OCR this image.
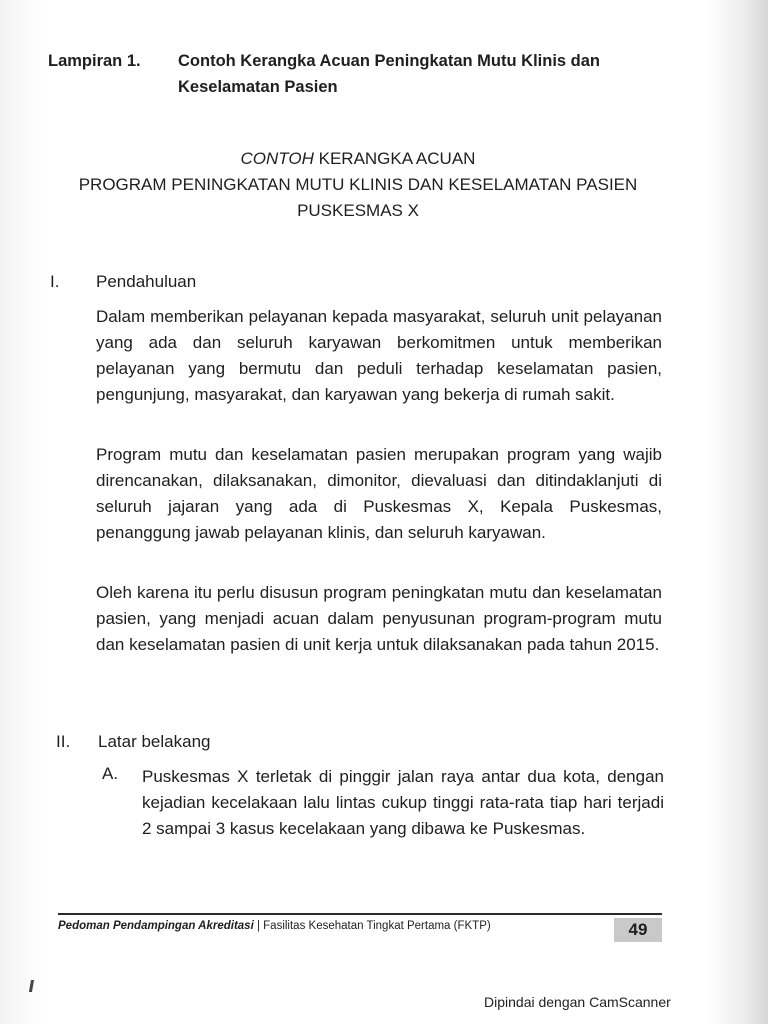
Lampiran 1. Contoh Kerangka Acuan Peningkatan Mutu Klinis dan
Keselamatan Pasien
CONTOH KERANGKA ACUAN
PROGRAM PENINGKATAN MUTU KLINIS DAN KESELAMATAN PASIEN
PUSKESMAS X
I. Pendahuluan

Dalam memberikan pelayanan kepada masyarakat, seluruh unit pelayanan yang ada dan seluruh karyawan berkomitmen untuk memberikan pelayanan yang bermutu dan peduli terhadap keselamatan pasien, pengunjung, masyarakat, dan karyawan yang bekerja di rumah sakit.

Program mutu dan keselamatan pasien merupakan program yang wajib direncanakan, dilaksanakan, dimonitor, dievaluasi dan ditindaklanjuti di seluruh jajaran yang ada di Puskesmas X, Kepala Puskesmas, penanggung jawab pelayanan klinis, dan seluruh karyawan.

Oleh karena itu perlu disusun program peningkatan mutu dan keselamatan pasien, yang menjadi acuan dalam penyusunan program-program mutu dan keselamatan pasien di unit kerja untuk dilaksanakan pada tahun 2015.

II. Latar belakang
A. Puskesmas X terletak di pinggir jalan raya antar dua kota, dengan kejadian kecelakaan lalu lintas cukup tinggi rata-rata tiap hari terjadi 2 sampai 3 kasus kecelakaan yang dibawa ke Puskesmas.

Pedoman Pendampingan Akreditasi | Fasilitas Kesehatan Tingkat Pertama (FKTP)	49
Dipindai dengan CamScanner
